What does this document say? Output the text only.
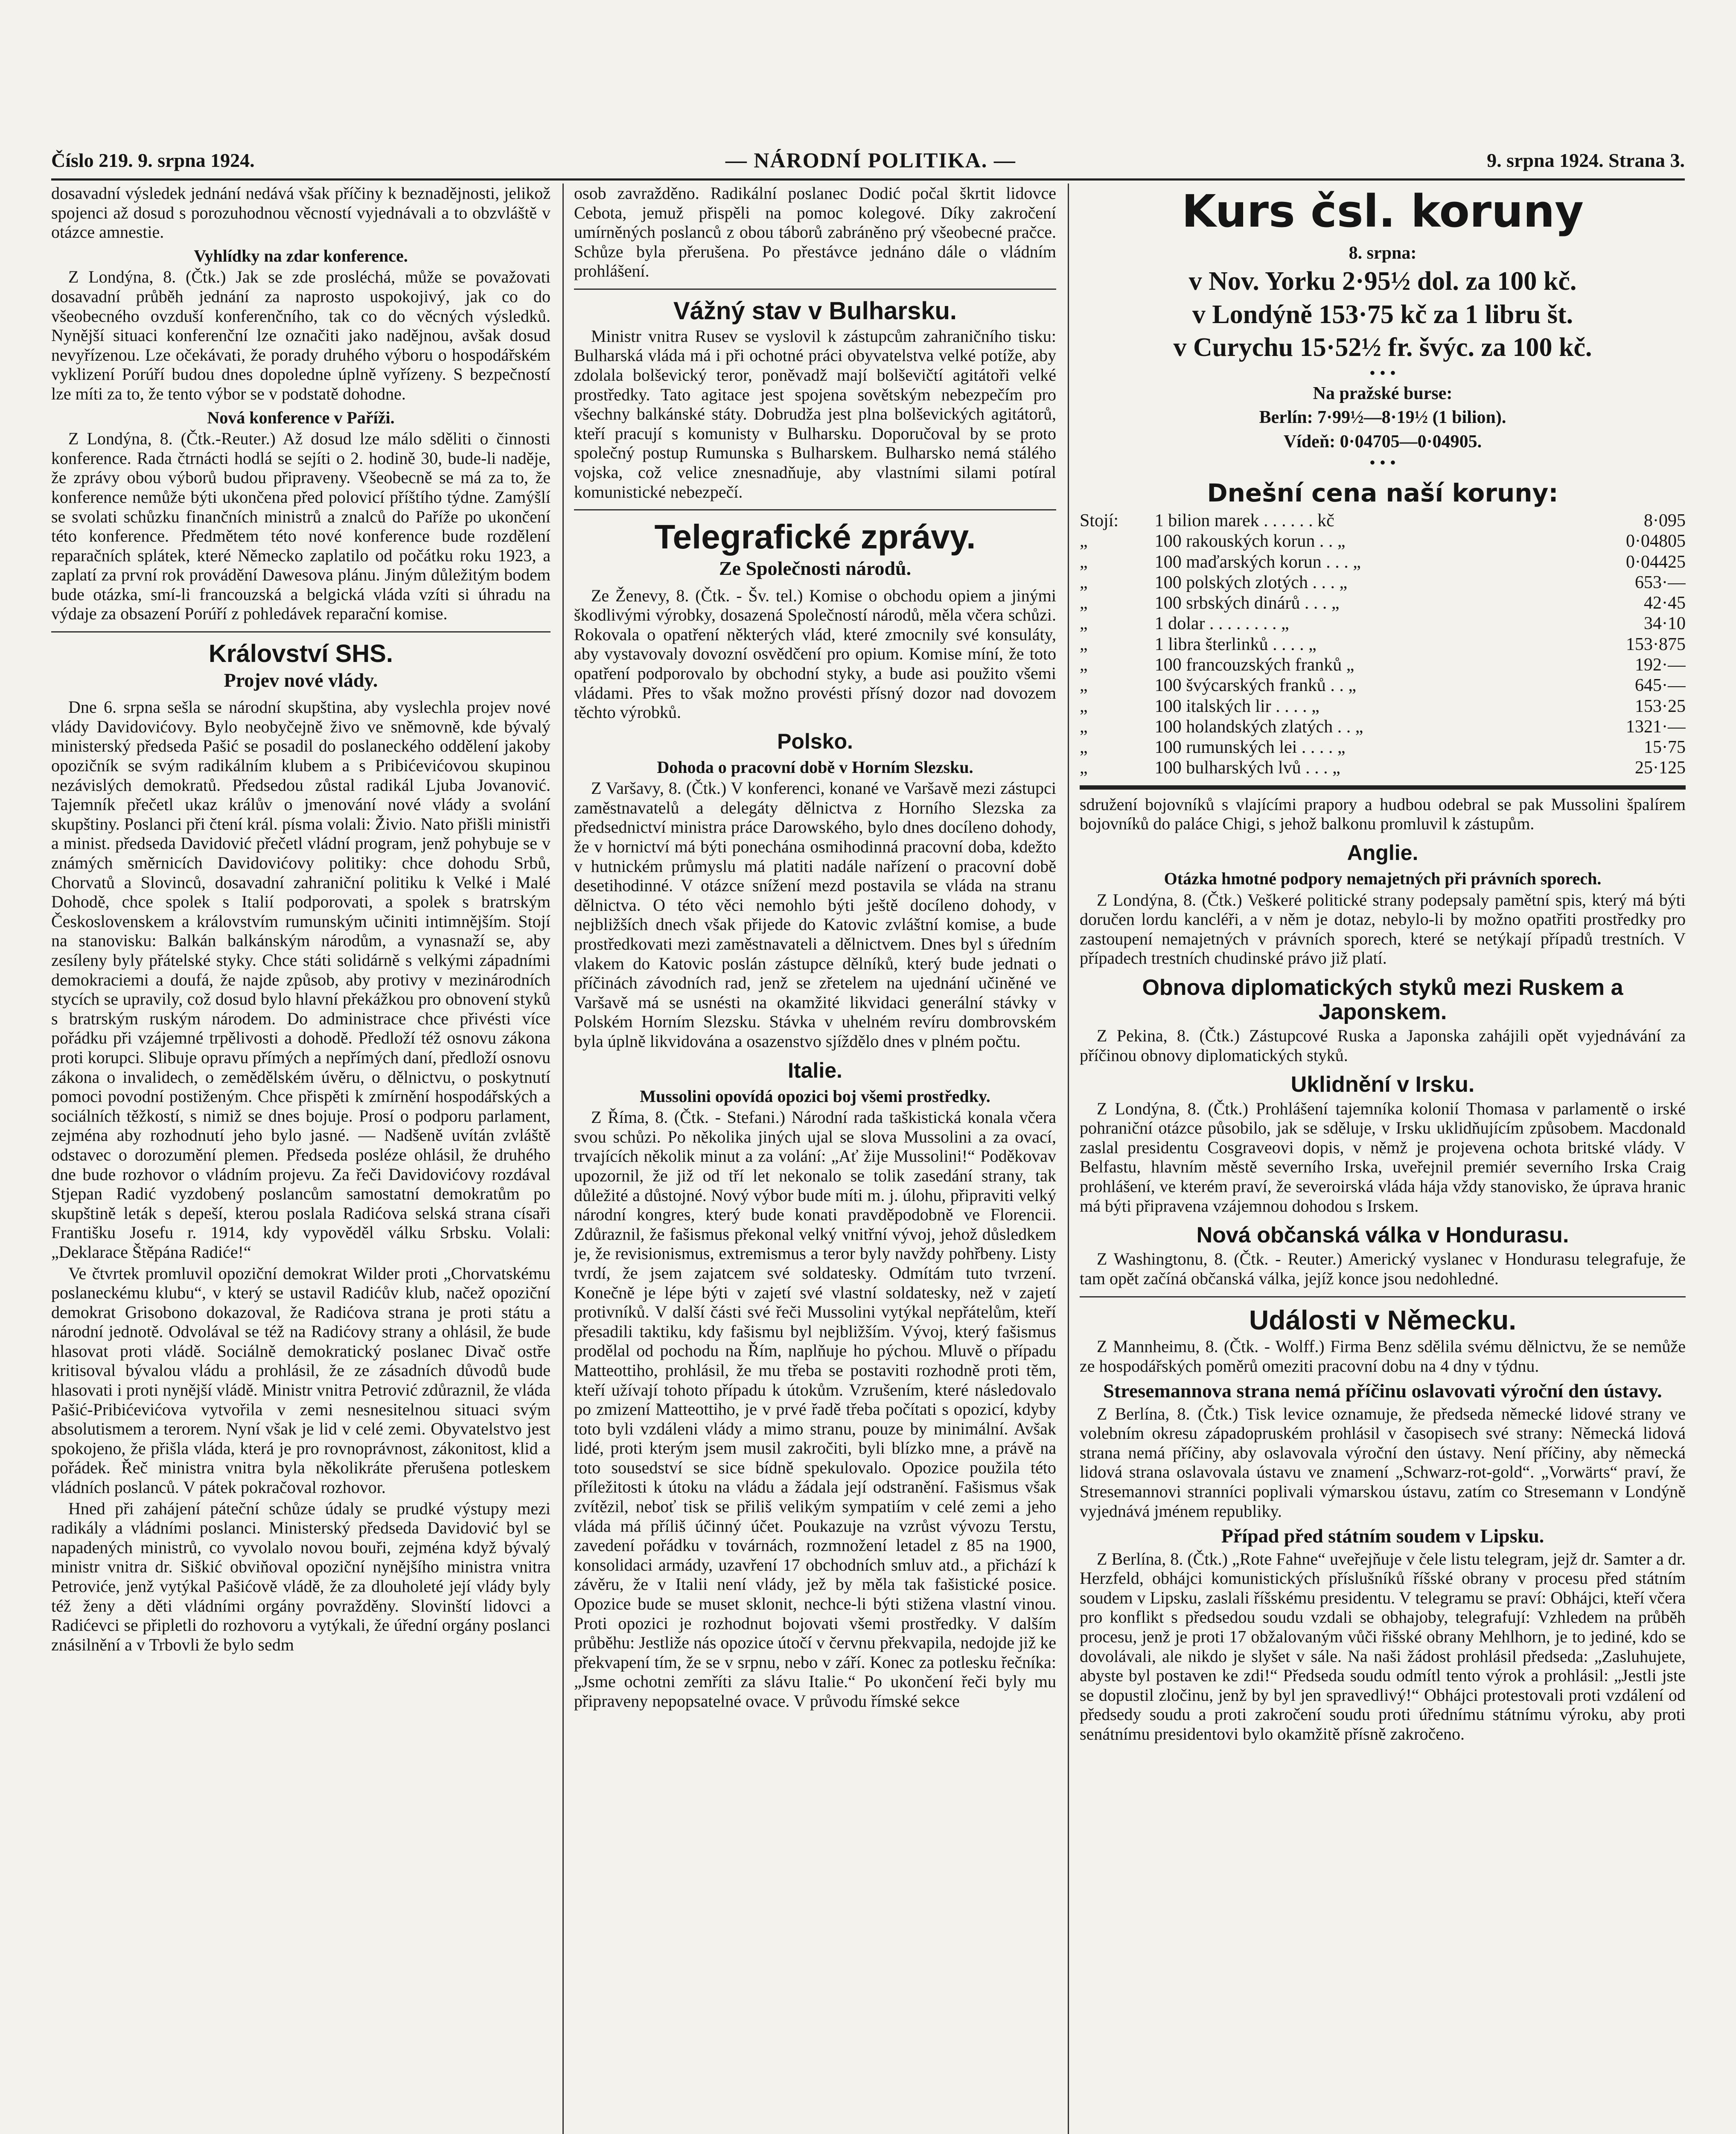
Číslo 219. 9. srpna 1924.	— NÁRODNÍ POLITIKA. —	9. srpna 1924. Strana 3.

dosavadní výsledek jednání nedává však příčiny k beznadějnosti, jelikož spojenci až dosud s porozuhodnou věcností vyjednávali a to obzvláště v otázce amnestie.

Vyhlídky na zdar konference.

Z Londýna, 8. (Čtk.) Jak se zde prosléchá, může se považovati dosavadní průběh jednání za naprosto uspokojivý, jak co do všeobecného ovzduší konferenčního, tak co do věcných výsledků. Nynější situaci konferenční lze označiti jako nadějnou, avšak dosud nevyřízenou. Lze očekávati, že porady druhého výboru o hospodářském vyklizení Porúří budou dnes dopoledne úplně vyřízeny. S bezpečností lze míti za to, že tento výbor se v podstatě dohodne.

Nová konference v Paříži.

Z Londýna, 8. (Čtk.-Reuter.) Až dosud lze málo sděliti o činnosti konference. Rada čtrnácti hodlá se sejíti o 2. hodině 30, bude-li naděje, že zprávy obou výborů budou připraveny. Všeobecně se má za to, že konference nemůže býti ukončena před polovicí příštího týdne. Zamýšlí se svolati schůzku finančních ministrů a znalců do Paříže po ukončení této konference. Předmětem této nové konference bude rozdělení reparačních splátek, které Německo zaplatilo od počátku roku 1923, a zaplatí za první rok provádění Dawesova plánu. Jiným důležitým bodem bude otázka, smí-li francouzská a belgická vláda vzíti si úhradu na výdaje za obsazení Porúří z pohledávek reparační komise.

Království SHS.
Projev nové vlády.

Dne 6. srpna sešla se národní skupština, aby vyslechla projev nové vlády Davidovićovy. Bylo neobyčejně živo ve sněmovně, kde bývalý ministerský předseda Pašić se posadil do poslaneckého oddělení jakoby opozičník se svým radikálním klubem a s Pribićevićovou skupinou nezávislých demokratů. Předsedou zůstal radikál Ljuba Jovanović. Tajemník přečetl ukaz králův o jmenování nové vlády a svolání skupštiny. Poslanci při čtení král. písma volali: Živio. Nato přišli ministři a minist. předseda Davidović přečetl vládní program, jenž pohybuje se v známých směrnicích Davidovićovy politiky: chce dohodu Srbů, Chorvatů a Slovinců, dosavadní zahraniční politiku k Velké i Malé Dohodě, chce spolek s Italií podporovati, a spolek s bratrským Československem a královstvím rumunským učiniti intimnějším. Stojí na stanovisku: Balkán balkánským národům, a vynasnaží se, aby zesíleny byly přátelské styky. Chce státi solidárně s velkými západními demokraciemi a doufá, že najde způsob, aby protivy v mezinárodních stycích se upravily, což dosud bylo hlavní překážkou pro obnovení styků s bratrským ruským národem. Do administrace chce přivésti více pořádku při vzájemné trpělivosti a dohodě. Předloží též osnovu zákona proti korupci. Slibuje opravu přímých a nepřímých daní, předloží osnovu zákona o invalidech, o zemědělském úvěru, o dělnictvu, o poskytnutí pomoci povodní postiženým. Chce přispěti k zmírnění hospodářských a sociálních těžkostí, s nimiž se dnes bojuje. Prosí o podporu parlament, zejména aby rozhodnutí jeho bylo jasné. — Nadšeně uvítán zvláště odstavec o dorozumění plemen. Předseda posléze ohlásil, že druhého dne bude rozhovor o vládním projevu. Za řeči Davidovićovy rozdával Stjepan Radić vyzdobený poslancům samostatní demokratům po skupštině leták s depeší, kterou poslala Radićova selská strana císaři Františku Josefu r. 1914, kdy vypověděl válku Srbsku. Volali: „Deklarace Štěpána Radiće!“

Ve čtvrtek promluvil opoziční demokrat Wilder proti „Chorvatskému poslaneckému klubu“, v který se ustavil Radićův klub, načež opoziční demokrat Grisobono dokazoval, že Radićova strana je proti státu a národní jednotě. Odvolával se též na Radićovy strany a ohlásil, že bude hlasovat proti vládě. Sociálně demokratický poslanec Divač ostře kritisoval bývalou vládu a prohlásil, že ze zásadních důvodů bude hlasovati i proti nynější vládě. Ministr vnitra Petrović zdůraznil, že vláda Pašić-Pribićevićova vytvořila v zemi nesnesitelnou situaci svým absolutismem a terorem. Nyní však je lid v celé zemi. Obyvatelstvo jest spokojeno, že přišla vláda, která je pro rovnoprávnost, zákonitost, klid a pořádek. Řeč ministra vnitra byla několikráte přerušena potleskem vládních poslanců. V pátek pokračoval rozhovor.

Hned při zahájení páteční schůze údaly se prudké výstupy mezi radikály a vládními poslanci. Ministerský předseda Davidović byl se napadených ministrů, co vyvolalo novou bouři, zejména když bývalý ministr vnitra dr. Siškić obviňoval opoziční nynějšího ministra vnitra Petroviće, jenž vytýkal Pašićově vládě, že za dlouholeté její vlády byly též ženy a děti vládními orgány povražděny. Slovinští lidovci a Radićevci se připletli do rozhovoru a vytýkali, že úřední orgány poslanci znásilnění a v Trbovli že bylo sedm

osob zavražděno. Radikální poslanec Dodić počal škrtit lidovce Cebota, jemuž přispěli na pomoc kolegové. Díky zakročení umírněných poslanců z obou táborů zabráněno prý všeobecné pračce. Schůze byla přerušena. Po přestávce jednáno dále o vládním prohlášení.

Vážný stav v Bulharsku.

Ministr vnitra Rusev se vyslovil k zástupcům zahraničního tisku: Bulharská vláda má i při ochotné práci obyvatelstva velké potíže, aby zdolala bolševický teror, poněvadž mají bolševičtí agitátoři velké prostředky. Tato agitace jest spojena sovětským nebezpečím pro všechny balkánské státy. Dobrudža jest plna bolševických agitátorů, kteří pracují s komunisty v Bulharsku. Doporučoval by se proto společný postup Rumunska s Bulharskem. Bulharsko nemá stálého vojska, což velice znesnadňuje, aby vlastními silami potíral komunistické nebezpečí.

Telegrafické zprávy.
Ze Společnosti národů.

Ze Ženevy, 8. (Čtk. - Šv. tel.) Komise o obchodu opiem a jinými škodlivými výrobky, dosazená Společností národů, měla včera schůzi. Rokovala o opatření některých vlád, které zmocnily své konsuláty, aby vystavovaly dovozní osvědčení pro opium. Komise míní, že toto opatření podporovalo by obchodní styky, a bude asi použito všemi vládami. Přes to však možno provésti přísný dozor nad dovozem těchto výrobků.

Polsko.
Dohoda o pracovní době v Horním Slezsku.

Z Varšavy, 8. (Čtk.) V konferenci, konané ve Varšavě mezi zástupci zaměstnavatelů a delegáty dělnictva z Horního Slezska za předsednictví ministra práce Darowského, bylo dnes docíleno dohody, že v hornictví má býti ponechána osmihodinná pracovní doba, kdežto v hutnickém průmyslu má platiti nadále nařízení o pracovní době desetihodinné. V otázce snížení mezd postavila se vláda na stranu dělnictva. O této věci nemohlo býti ještě docíleno dohody, v nejbližších dnech však přijede do Katovic zvláštní komise, a bude prostředkovati mezi zaměstnavateli a dělnictvem. Dnes byl s úředním vlakem do Katovic poslán zástupce dělníků, který bude jednati o příčinách závodních rad, jenž se zřetelem na ujednání učiněné ve Varšavě má se usnésti na okamžité likvidaci generální stávky v Polském Horním Slezsku. Stávka v uhelném revíru dombrovském byla úplně likvidována a osazenstvo sjíždělo dnes v plném počtu.

Italie.
Mussolini opovídá opozici boj všemi prostředky.

Z Říma, 8. (Čtk. - Stefani.) Národní rada taškistická konala včera svou schůzi. Po několika jiných ujal se slova Mussolini a za ovací, trvajících několik minut a za volání: „Ať žije Mussolini!“ Poděkovav upozornil, že již od tří let nekonalo se tolik zasedání strany, tak důležité a důstojné. Nový výbor bude míti m. j. úlohu, připraviti velký národní kongres, který bude konati pravděpodobně ve Florencii. Zdůraznil, že fašismus překonal velký vnitřní vývoj, jehož důsledkem je, že revisionismus, extremismus a teror byly navždy pohřbeny. Listy tvrdí, že jsem zajatcem své soldatesky. Odmítám tuto tvrzení. Konečně je lépe býti v zajetí své vlastní soldatesky, než v zajetí protivníků. V další části své řeči Mussolini vytýkal nepřátelům, kteří přesadili taktiku, kdy fašismu byl nejbližším. Vývoj, který fašismus prodělal od pochodu na Řím, naplňuje ho pýchou. Mluvě o případu Matteottiho, prohlásil, že mu třeba se postaviti rozhodně proti těm, kteří užívají tohoto případu k útokům. Vzrušením, které následovalo po zmizení Matteottiho, je v prvé řadě třeba počítati s opozicí, kdyby toto byli vzdáleni vlády a mimo stranu, pouze by minimální. Avšak lidé, proti kterým jsem musil zakročiti, byli blízko mne, a právě na toto sousedství se sice bídně spekulovalo. Opozice použila této příležitosti k útoku na vládu a žádala její odstranění. Fašismus však zvítězil, neboť tisk se přiliš velikým sympatiím v celé zemi a jeho vláda má příliš účinný účet. Poukazuje na vzrůst vývozu Terstu, zavedení pořádku v továrnách, rozmnožení letadel z 85 na 1900, konsolidaci armády, uzavření 17 obchodních smluv atd., a přichází k závěru, že v Italii není vlády, jež by měla tak fašistické posice. Opozice bude se muset sklonit, nechce-li býti stižena vlastní vinou. Proti opozici je rozhodnut bojovati všemi prostředky. V dalším průběhu: Jestliže nás opozice útočí v červnu překvapila, nedojde již ke překvapení tím, že se v srpnu, nebo v září. Konec za potlesku řečníka: „Jsme ochotni zemříti za slávu Italie.“ Po ukončení řeči byly mu připraveny nepopsatelné ovace. V průvodu římské sekce

Kurs čsl. koruny
8. srpna:
v Nov. Yorku 2·95½ dol. za 100 kč.
v Londýně 153·75 kč za 1 libru št.
v Curychu 15·52½ fr. švýc. za 100 kč.
• • •
Na pražské burse:
Berlín: 7·99½—8·19½ (1 bilion).
Vídeň: 0·04705—0·04905.
• • •
Dnešní cena naší koruny:
Stojí:	1 bilion marek . . . . . . kč	8·095
„	100 rakouských korun . . „	0·04805
„	100 maďarských korun . . . „	0·04425
„	100 polských zlotých . . . „	653·—
„	100 srbských dinárů . . . „	42·45
„	1 dolar . . . . . . . . „	34·10
„	1 libra šterlinků . . . . „	153·875
„	100 francouzských franků „	192·—
„	100 švýcarských franků . . „	645·—
„	100 italských lir . . . . „	153·25
„	100 holandských zlatých . . „	1321·—
„	100 rumunských lei . . . . „	15·75
„	100 bulharských lvů . . . „	25·125

sdružení bojovníků s vlajícími prapory a hudbou odebral se pak Mussolini špalírem bojovníků do paláce Chigi, s jehož balkonu promluvil k zástupům.

Anglie.
Otázka hmotné podpory nemajetných při právních sporech.

Z Londýna, 8. (Čtk.) Veškeré politické strany podepsaly pamětní spis, který má býti doručen lordu kancléři, a v něm je dotaz, nebylo-li by možno opatřiti prostředky pro zastoupení nemajetných v právních sporech, které se netýkají případů trestních. V případech trestních chudinské právo již platí.

Obnova diplomatických styků mezi Ruskem a Japonskem.

Z Pekina, 8. (Čtk.) Zástupcové Ruska a Japonska zahájili opět vyjednávání za příčinou obnovy diplomatických styků.

Uklidnění v Irsku.

Z Londýna, 8. (Čtk.) Prohlášení tajemníka kolonií Thomasa v parlamentě o irské pohraniční otázce působilo, jak se sděluje, v Irsku uklidňujícím způsobem. Macdonald zaslal presidentu Cosgraveovi dopis, v němž je projevena ochota britské vlády. V Belfastu, hlavním městě severního Irska, uveřejnil premiér severního Irska Craig prohlášení, ve kterém praví, že severoirská vláda hája vždy stanovisko, že úprava hranic má býti připravena vzájemnou dohodou s Irskem.

Nová občanská válka v Hondurasu.

Z Washingtonu, 8. (Čtk. - Reuter.) Americký vyslanec v Hondurasu telegrafuje, že tam opět začíná občanská válka, jejíž konce jsou nedohledné.

Události v Německu.

Z Mannheimu, 8. (Čtk. - Wolff.) Firma Benz sdělila svému dělnictvu, že se nemůže ze hospodářských poměrů omeziti pracovní dobu na 4 dny v týdnu.

Stresemannova strana nemá příčinu oslavovati výroční den ústavy.

Z Berlína, 8. (Čtk.) Tisk levice oznamuje, že předseda německé lidové strany ve volebním okresu západopruském prohlásil v časopisech své strany: Německá lidová strana nemá příčiny, aby oslavovala výroční den ústavy. Není příčiny, aby německá lidová strana oslavovala ústavu ve znamení „Schwarz-rot-gold“. „Vorwärts“ praví, že Stresemannovi stranníci poplivali výmarskou ústavu, zatím co Stresemann v Londýně vyjednává jménem republiky.

Případ před státním soudem v Lipsku.

Z Berlína, 8. (Čtk.) „Rote Fahne“ uveřejňuje v čele listu telegram, jejž dr. Samter a dr. Herzfeld, obhájci komunistických příslušníků říšské obrany v procesu před státním soudem v Lipsku, zaslali říšskému presidentu. V telegramu se praví: Obhájci, kteří včera pro konflikt s předsedou soudu vzdali se obhajoby, telegrafují: Vzhledem na průběh procesu, jenž je proti 17 obžalovaným vůči řišské obrany Mehlhorn, je to jediné, kdo se dovolávali, ale nikdo je slyšet v sále. Na naši žádost prohlásil předseda: „Zasluhujete, abyste byl postaven ke zdi!“ Předseda soudu odmítl tento výrok a prohlásil: „Jestli jste se dopustil zločinu, jenž by byl jen spravedlivý!“ Obhájci protestovali proti vzdálení od předsedy soudu a proti zakročení soudu proti úřednímu státnímu výroku, aby proti senátnímu presidentovi bylo okamžitě přísně zakročeno.
